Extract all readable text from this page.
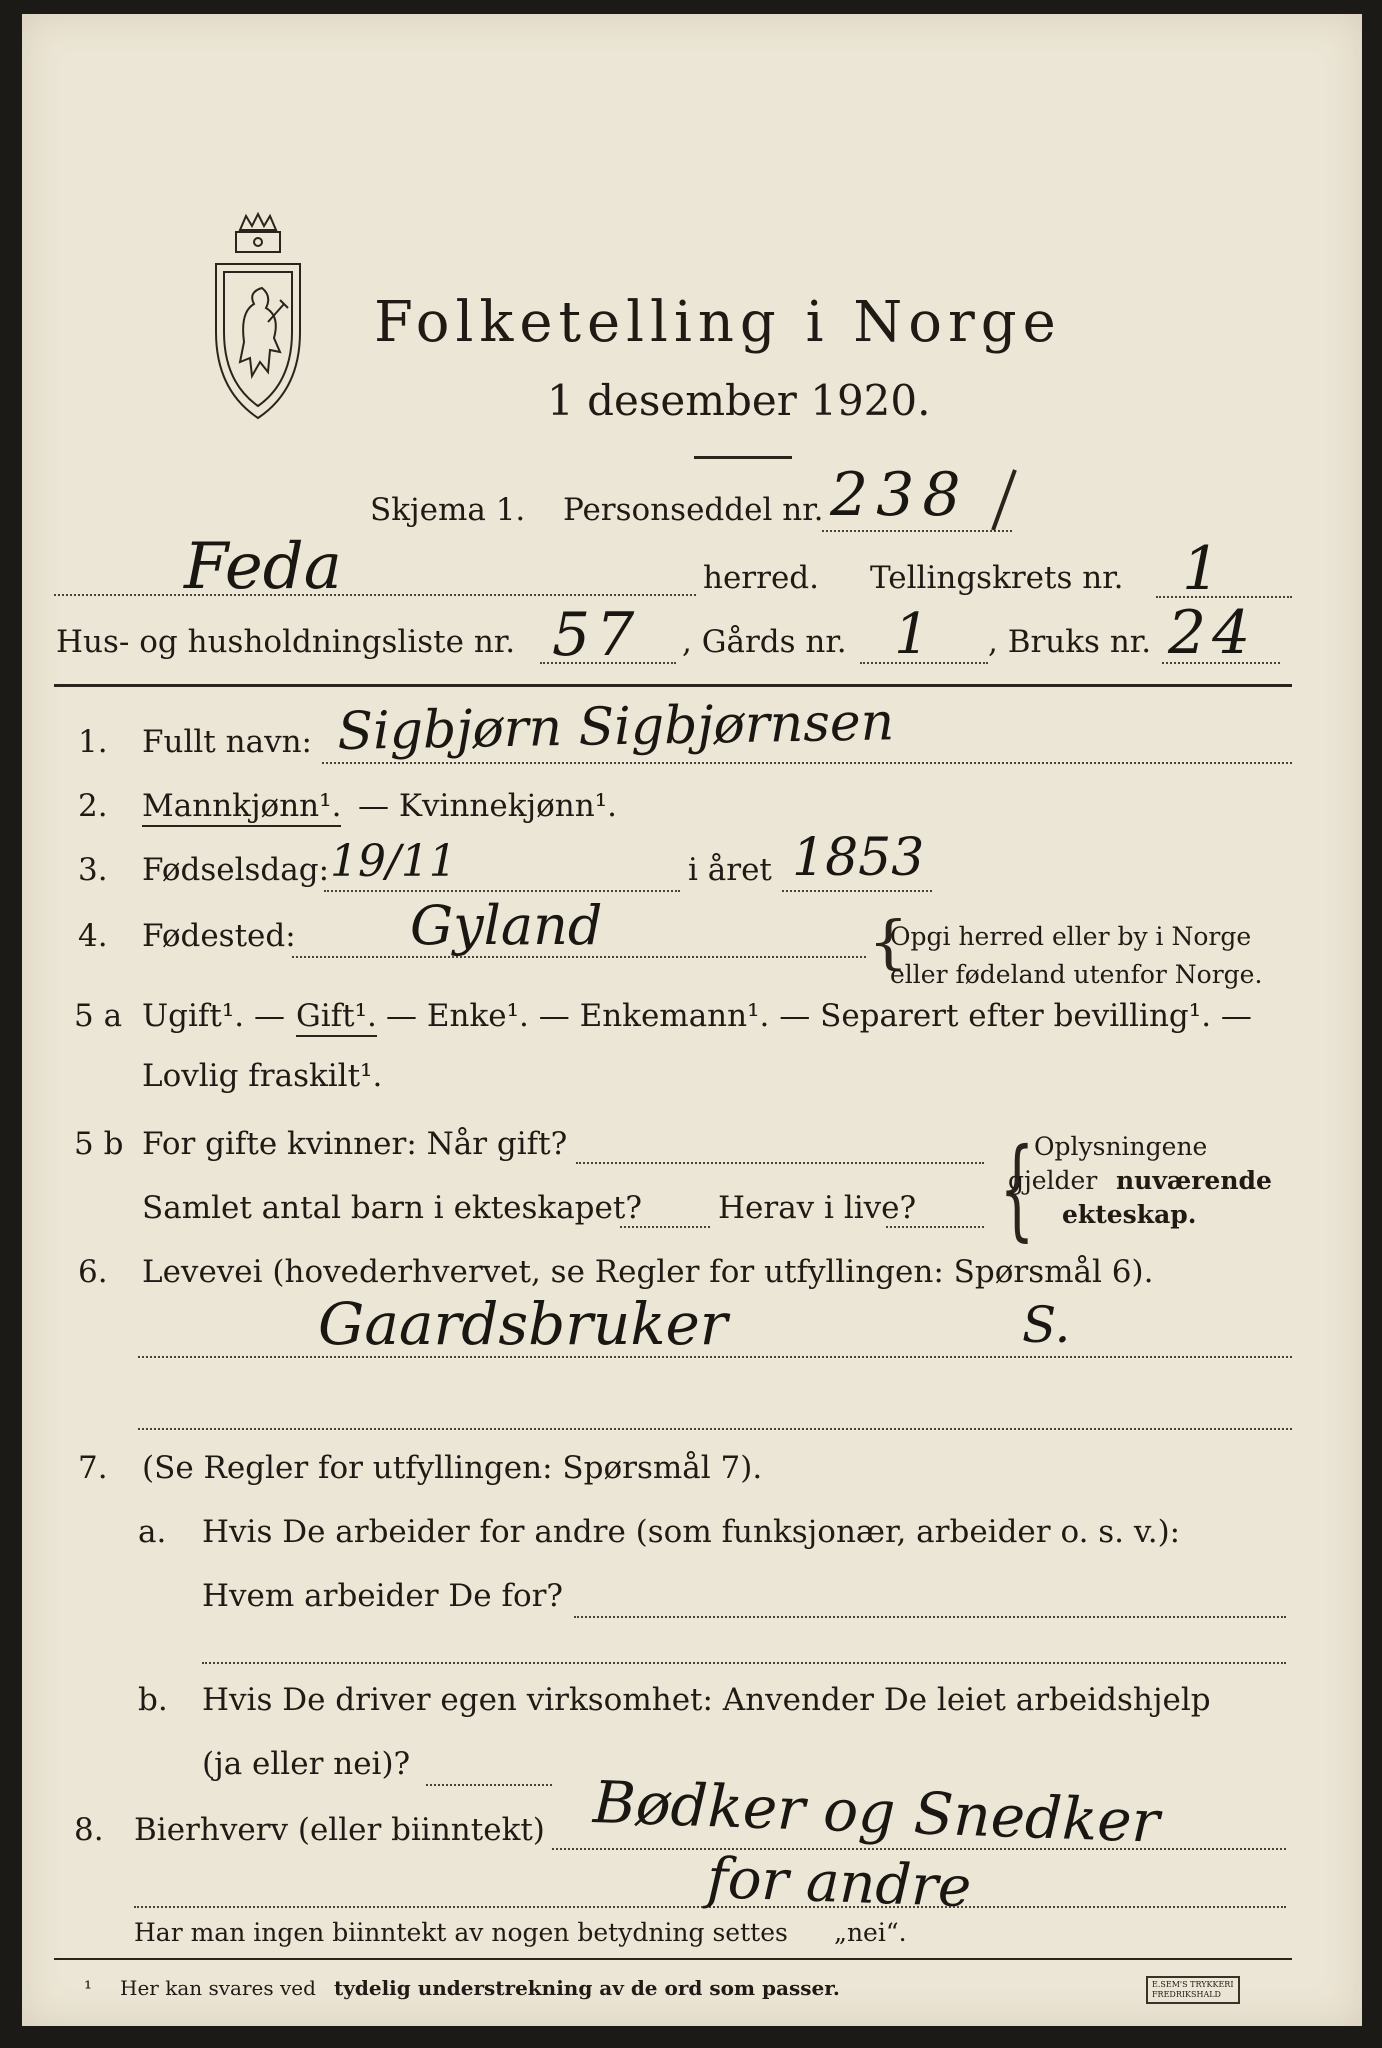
Folketelling i Norge
1 desember 1920.
Skjema 1. Personseddel nr. 238
Feda	herred. Tellingskrets nr. 1
Hus- og husholdningsliste nr. 57 , Gårds nr. 1 , Bruks nr. 24
1. Fullt navn: Sigbjørn Sigbjørnsen
2. Mannkjønn¹. — Kvinnekjønn¹.
3. Fødselsdag: 19/11	i året 1853
4. Fødested: Gyland	{
Opgi herred eller by i Norge
eller fødeland utenfor Norge.
5 a Ugift¹. — Gift¹. — Enke¹. — Enkemann¹. — Separert efter bevilling¹. —
Lovlig fraskilt¹.
5 b For gifte kvinner: Når gift?
Samlet antal barn i ekteskapet? Herav i live? { Oplysningene
gjelder nuværende
ekteskap.
6. Levevei (hovederhvervet, se Regler for utfyllingen: Spørsmål 6).
Gaardsbruker	S.
7. (Se Regler for utfyllingen: Spørsmål 7).
a. Hvis De arbeider for andre (som funksjonær, arbeider o. s. v.):
Hvem arbeider De for?
b. Hvis De driver egen virksomhet: Anvender De leiet arbeidshjelp
(ja eller nei)?
8. Bierhverv (eller biinntekt) Bødker og Snedker
for andre
Har man ingen biinntekt av nogen betydning settes „nei“.
¹ Her kan svares ved tydelig understrekning av de ord som passer.	E.SEM'S TRYKKERI
FREDRIKSHALD
